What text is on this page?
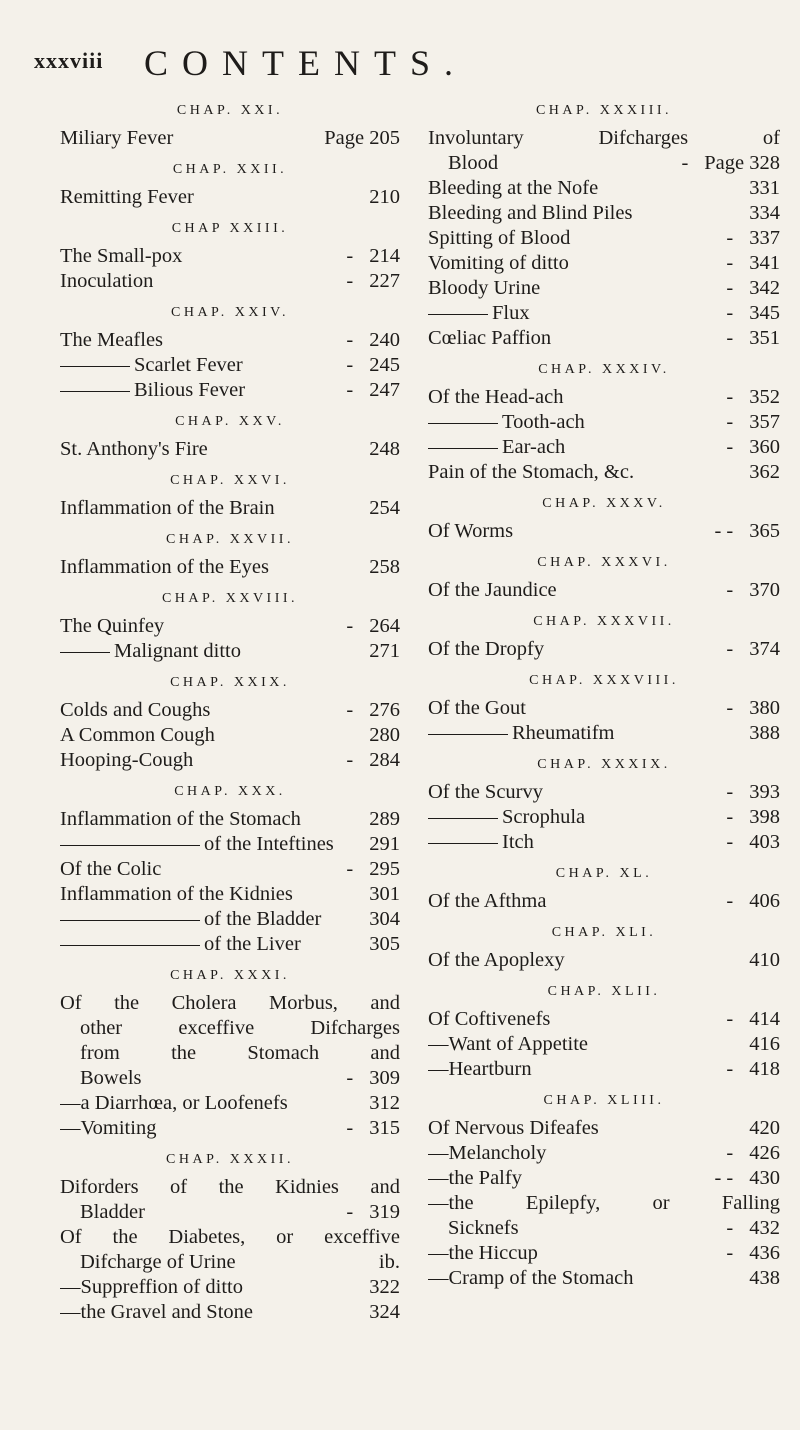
xxxviii CONTENTS.
CHAP. XXI.
Miliary Fever	Page 205
CHAP. XXII.
Remitting Fever	210
CHAP XXIII.
The Small-pox	- 214
Inoculation	- 227
CHAP. XXIV.
The Meafles	- 240
Scarlet Fever	- 245
Bilious Fever	- 247
CHAP. XXV.
St. Anthony's Fire	248
CHAP. XXVI.
Inflammation of the Brain	254
CHAP. XXVII.
Inflammation of the Eyes	258
CHAP. XXVIII.
The Quinfey	- 264
Malignant ditto	271
CHAP. XXIX.
Colds and Coughs	- 276
A Common Cough	280
Hooping-Cough	- 284
CHAP. XXX.
Inflammation of the Stomach	289
of the Inteftines	291
Of the Colic	- 295
Inflammation of the Kidnies	301
of the Bladder	304
of the Liver	305
CHAP. XXXI.
Of the Cholera Morbus, and
other exceffive Difcharges
from the Stomach and
Bowels	- 309
—a Diarrhœa, or Loofenefs	312
—Vomiting	- 315
CHAP. XXXII.
Diforders of the Kidnies and
Bladder	- 319
Of the Diabetes, or exceffive
Difcharge of Urine	ib.
—Suppreffion of ditto	322
—the Gravel and Stone	324
CHAP. XXXIII.
Involuntary Difcharges of
Blood	- Page 328
Bleeding at the Nofe	331
Bleeding and Blind Piles	334
Spitting of Blood	- 337
Vomiting of ditto	- 341
Bloody Urine	- 342
Flux	- 345
Cœliac Paffion	- 351
CHAP. XXXIV.
Of the Head-ach	- 352
Tooth-ach	- 357
Ear-ach	- 360
Pain of the Stomach, &c.	362
CHAP. XXXV.
Of Worms	- - 365
CHAP. XXXVI.
Of the Jaundice	- 370
CHAP. XXXVII.
Of the Dropfy	- 374
CHAP. XXXVIII.
Of the Gout	- 380
Rheumatifm	388
CHAP. XXXIX.
Of the Scurvy	- 393
Scrophula	- 398
Itch	- 403
CHAP. XL.
Of the Afthma	- 406
CHAP. XLI.
Of the Apoplexy	410
CHAP. XLII.
Of Coftivenefs	- 414
—Want of Appetite	416
—Heartburn	- 418
CHAP. XLIII.
Of Nervous Difeafes	420
—Melancholy	- 426
—the Palfy	- - 430
—the Epilepfy, or Falling
Sicknefs	- 432
—the Hiccup	- 436
—Cramp of the Stomach	438
